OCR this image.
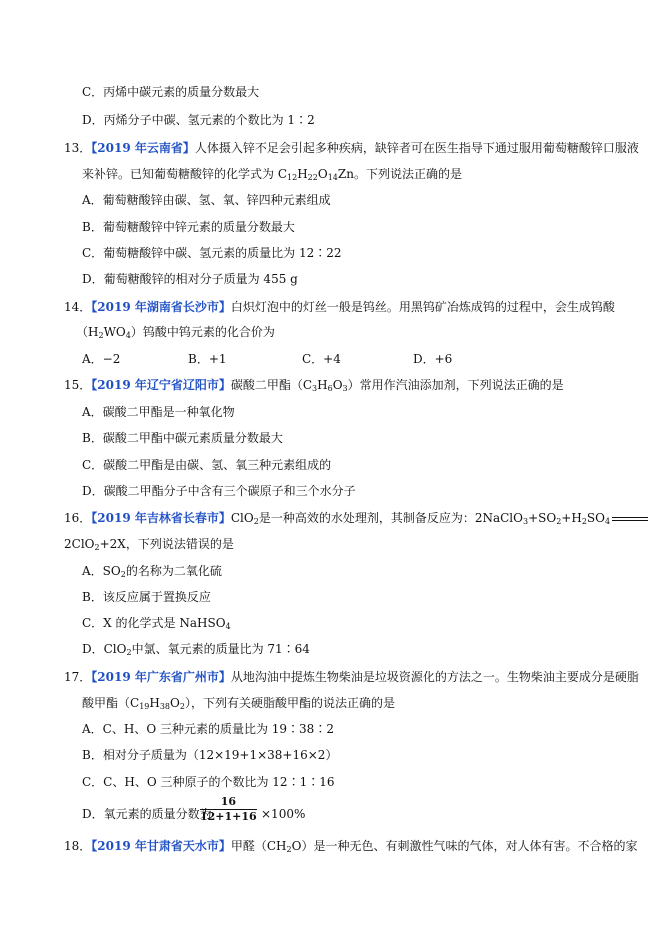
C．丙烯中碳元素的质量分数最大
D．丙烯分子中碳、氢元素的个数比为 1∶2
13．【2019 年云南省】人体摄入锌不足会引起多种疾病，缺锌者可在医生指导下通过服用葡萄糖酸锌口服液
来补锌。已知葡萄糖酸锌的化学式为 $C_{12}H_{22}O_{14}Zn$。下列说法正确的是
A．葡萄糖酸锌由碳、氢、氧、锌四种元素组成
B．葡萄糖酸锌中锌元素的质量分数最大
C．葡萄糖酸锌中碳、氢元素的质量比为 12∶22
D．葡萄糖酸锌的相对分子质量为 455 g
14．【2019 年湖南省长沙市】白炽灯泡中的灯丝一般是钨丝。用黑钨矿冶炼成钨的过程中，会生成钨酸
$(H_2WO_4)$钨酸中钨元素的化合价为
A．−2	B．+1	C．+4	D．+6
15．【2019 年辽宁省辽阳市】碳酸二甲酯$(C_3H_6O_3)$常用作汽油添加剂，下列说法正确的是
A．碳酸二甲酯是一种氧化物
B．碳酸二甲酯中碳元素质量分数最大
C．碳酸二甲酯是由碳、氢、氧三种元素组成的
D．碳酸二甲酯分子中含有三个碳原子和三个水分子
16．【2019 年吉林省长春市】ClO$_2$是一种高效的水处理剂，其制备反应为：$2NaClO_3+SO_2+H_2SO_4$
2ClO$_2$+2X，下列说法错误的是
A．$SO_2$的名称为二氧化硫
B．该反应属于置换反应
C．X 的化学式是 NaHSO$_4$
D．ClO$_2$中氯、氧元素的质量比为 71∶64
17．【2019 年广东省广州市】从地沟油中提炼生物柴油是垃圾资源化的方法之一。生物柴油主要成分是硬脂
酸甲酯$(C_{19}H_{38}O_2)$，下列有关硬脂酸甲酯的说法正确的是
A．C、H、O 三种元素的质量比为 19∶38∶2
B．相对分子质量为（12×19+1×38+16×2）
C．C、H、O 三种原子的个数比为 12∶1∶16
D．氧元素的质量分数为
$\frac{16}{12+1+16} \times 100\%$
18．【2019 年甘肃省天水市】甲醛$(CH_2O)$是一种无色、有刺激性气味的气体，对人体有害。不合格的家
